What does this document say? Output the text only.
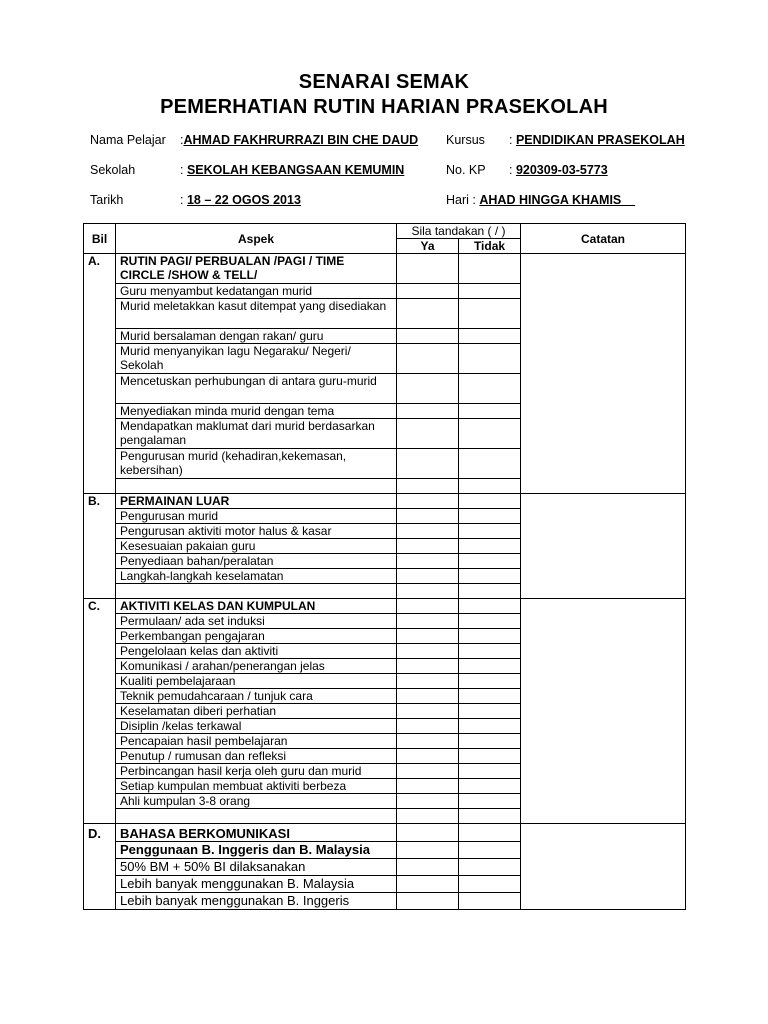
SENARAI SEMAK
PEMERHATIAN RUTIN HARIAN PRASEKOLAH
Nama Pelajar :AHMAD FAKHRURRAZI BIN CHE DAUD Kursus : PENDIDIKAN PRASEKOLAH
Sekolah	: SEKOLAH KEBANGSAAN KEMUMIN	No. KP : 920309-03-5773
Tarikh	: 18 – 22 OGOS 2013	Hari : AHAD HINGGA KHAMIS
Bil	Aspek	Sila tandakan ( / )		Catatan
		Ya	Tidak	
A.	RUTIN PAGI/ PERBUALAN /PAGI / TIME CIRCLE /SHOW & TELL/			
	Guru menyambut kedatangan murid			
	Murid meletakkan kasut ditempat yang disediakan			
	Murid bersalaman dengan rakan/ guru			
	Murid menyanyikan lagu Negaraku/ Negeri/ Sekolah			
	Mencetuskan perhubungan di antara guru-murid			
	Menyediakan minda murid dengan tema			
	Mendapatkan maklumat dari murid berdasarkan pengalaman			
	Pengurusan murid (kehadiran,kekemasan, kebersihan)			

B.	PERMAINAN LUAR			
	Pengurusan murid			
	Pengurusan aktiviti motor halus & kasar			
	Kesesuaian pakaian guru			
	Penyediaan bahan/peralatan			
	Langkah-langkah keselamatan			

C.	AKTIVITI KELAS DAN KUMPULAN			
	Permulaan/ ada set induksi			
	Perkembangan pengajaran			
	Pengelolaan kelas dan aktiviti			
	Komunikasi / arahan/penerangan jelas			
	Kualiti pembelajaraan			
	Teknik pemudahcaraan / tunjuk cara			
	Keselamatan diberi perhatian			
	Disiplin /kelas terkawal			
	Pencapaian hasil pembelajaran			
	Penutup / rumusan dan refleksi			
	Perbincangan hasil kerja oleh guru dan murid			
	Setiap kumpulan membuat aktiviti berbeza			
	Ahli kumpulan 3-8 orang			

D.	BAHASA BERKOMUNIKASI			
	Penggunaan B. Inggeris dan B. Malaysia			
	50% BM + 50% BI dilaksanakan			
	Lebih banyak menggunakan B. Malaysia			
	Lebih banyak menggunakan B. Inggeris			
